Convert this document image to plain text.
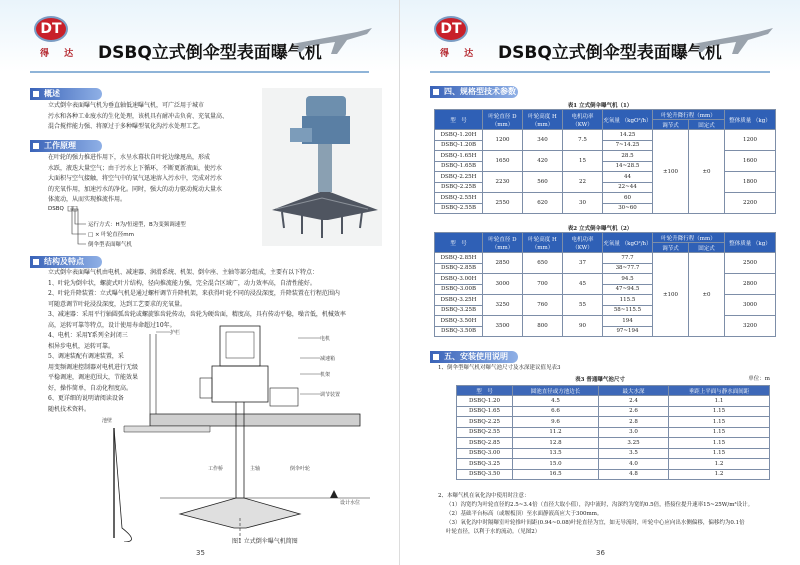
DT
得 达 DSBQ立式倒伞型表面曝气机
概述
立式倒伞表面曝气机为垂直轴低速曝气机，可广泛用于城市
污水和各种工业废水的生化处理，该机具有耐冲击负荷、充氧量高、
混合搅拌能力强、将原过于多种曝型氧化沟污水处理工艺。
工作原理
在叶轮的强力推进作用下，水呈水幕状自叶轮边缘甩出，形成
水跃，液迭大量空气；由于污水上下循环，不断更新液面，使污水
大面积与空气接触，将空气中的氧气迅速溶入污水中，完成对污水
的充氧作用，加速污水的净化。同时，强大的动力驱动搅动大量水
体流动，从而实现推流作用。
DSBQ
运行方式：H为/恒速型，B为变频调速型
□ × 叶轮直径mm
倒伞型表面曝气机
结构及特点
立式倒伞表面曝气机由电机、减速器、润滑系统、机架、倒伞座、主轴等部分组成，主要有以下特点：
1、叶轮为倒伞状，螺旋式叶片结构，径向推流能力强，完全混合区域广，动力效率高，自清性能好。
2、叶轮升降装置：立式曝气机是通过螺杆调节升降机架，来获得叶轮不同的浸没深度，升降装置在行程范围内
可随意调节叶轮浸没深度，达到工艺要求的充氧量。
3、减速器：采用平行轴圆弧齿轮或螺旋锥齿轮传动，齿轮为硬齿面，精度高，具有传动平稳，噪音低，机械效率
高，运转可靠等特点，设计使用寿命超过10年。
4、电机：采用Y系列全封闭三
相异步电机，运转可靠。
5、调速装配有调速装置，采
用变频调速控制器对电机进行无级
平稳调速，调速范围大，节能效果
好，操作简单，自动化程度高。
6、更详细的说明请阅读设备
随机技术资料。
护栏
电机
减速箱
机架
调节装置
工作桥	主轴	倒伞叶轮
设计水位
池壁
图1 立式倒伞曝气机简图
35
DT
得 达 DSBQ立式倒伞型表面曝气机
四、规格型技术参数
表1 立式倒伞曝气机（1）
型　号	叶轮直径 D（mm）	叶轮高度 H（mm）	电机功率 （KW）	充氧量 （kgO²/h）	叶轮升降行程（mm）		整体质量 （kg）
					调节式	固定式	
DSBQ-1.20H	1200	340	7.5	14.25	±100	±0	1200
DSBQ-1.20B				7~14.25			
DSBQ-1.65H	1650	420	15	28.5			1600
DSBQ-1.65B				14~28.5			
DSBQ-2.25H	2230	560	22	44			1800
DSBQ-2.25B				22~44			
DSBQ-2.55H	2550	620	30	60			2200
DSBQ-2.55B				30~60			
表2 立式倒伞曝气机（2）
型　号	叶轮直径 D（mm）	叶轮高度 H（mm）	电机功率 （KW）	充氧量 （kgO²/h）	叶轮升降行程（mm）		整体质量 （kg）
					调节式	固定式	
DSBQ-2.85H	2850	650	37	77.7	±100	±0	2500
DSBQ-2.85B				38~77.7			
DSBQ-3.00H	3000	700	45	94.5			2800
DSBQ-3.00B				47~94.5			
DSBQ-3.25H	3250	760	55	115.5			3000
DSBQ-3.25B				58~115.5			
DSBQ-3.50H	3500	800	90	194			3200
DSBQ-3.50B				97~194			
五、安装使用说明
1、倒伞型曝气机对曝气池尺寸及水深建议值见表3
表3 普通曝气池尺寸	单位：m
型　号	圆池直径或方池边长	最大水深	垂距上平面与静水面间距
DSBQ-1.20	4.5	2.4	1.1
DSBQ-1.65	6.6	2.6	1.15
DSBQ-2.25	9.6	2.8	1.15
DSBQ-2.55	11.2	3.0	1.15
DSBQ-2.85	12.8	3.25	1.15
DSBQ-3.00	13.5	3.5	1.15
DSBQ-3.25	15.0	4.0	1.2
DSBQ-3.50	16.5	4.8	1.2
2、本曝气机在氧化沟中使用时注意：
（1）沟宽约为叶轮直径的2.5~3.4倍（直径大取小值），沟中流时，沟深约为宽的0.5倍，搭接位提升速率15~25W/m³设计。
（2）基础平台标高（或堰板顶）至水面静液高应大于300mm。
（3）氧化沟中时隔曝室叶轮推叶间距(0.94~0.08)叶轮直径为宜，如无导流时，叶轮中心应向出水侧偏移，偏移约为0.1倍
叶轮直径，以利于水的流动。（见图2）
36
